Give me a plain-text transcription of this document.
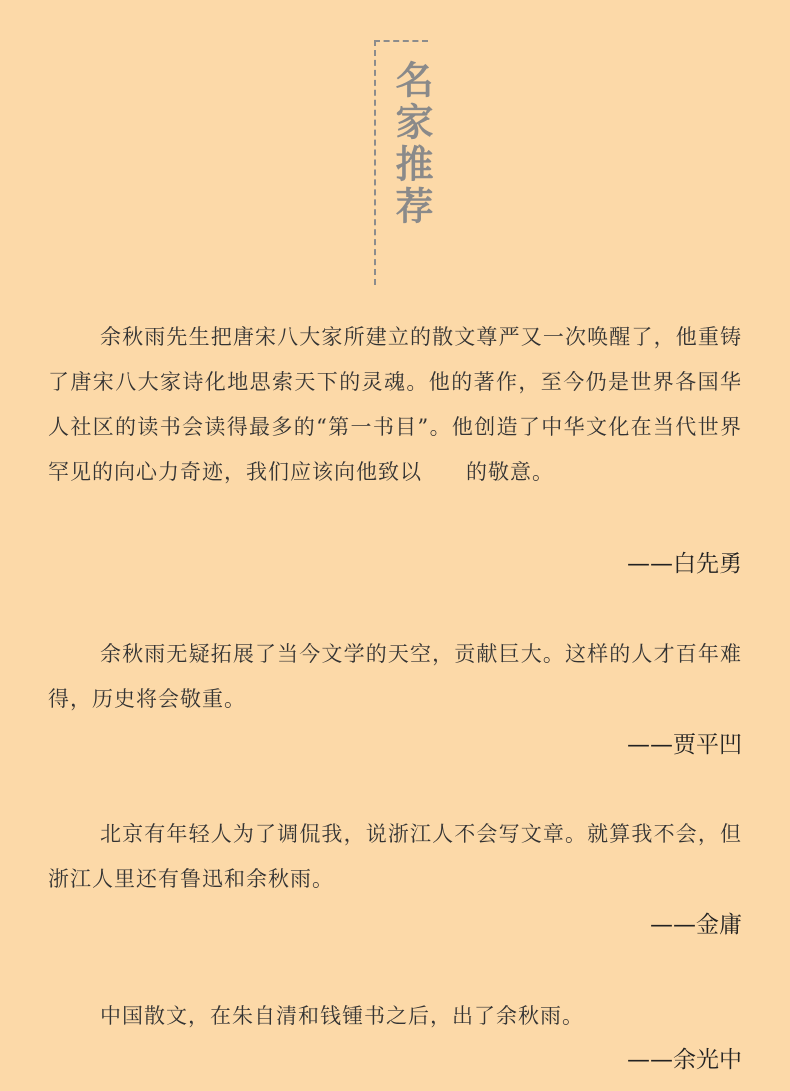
名家推荐

余秋雨先生把唐宋八大家所建立的散文尊严又一次唤醒了，他重铸了唐宋八大家诗化地思索天下的灵魂。他的著作，至今仍是世界各国华人社区的读书会读得最多的“第一书目”。他创造了中华文化在当代世界罕见的向心力奇迹，我们应该向他致以　　的敬意。

——白先勇

余秋雨无疑拓展了当今文学的天空，贡献巨大。这样的人才百年难得，历史将会敬重。

——贾平凹

北京有年轻人为了调侃我，说浙江人不会写文章。就算我不会，但浙江人里还有鲁迅和余秋雨。

——金庸

中国散文，在朱自清和钱锺书之后，出了余秋雨。

——余光中
